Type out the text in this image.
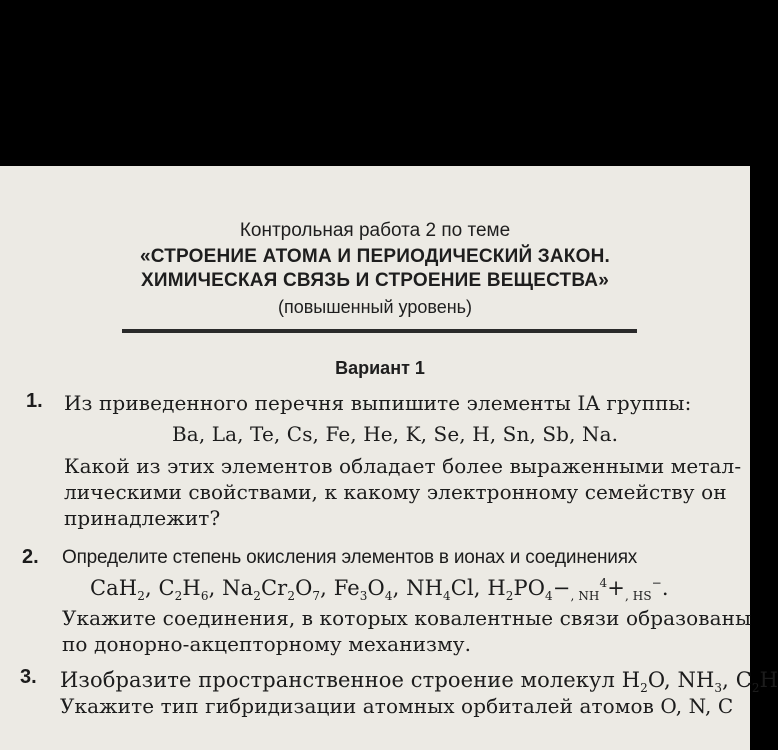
Контрольная работа 2 по теме
«СТРОЕНИЕ АТОМА И ПЕРИОДИЧЕСКИЙ ЗАКОН.
ХИМИЧЕСКАЯ СВЯЗЬ И СТРОЕНИЕ ВЕЩЕСТВА»
(повышенный уровень)
Вариант 1
1. Из приведенного перечня выпишите элементы IA группы:
Ba, La, Te, Cs, Fe, He, K, Se, H, Sn, Sb, Na.
Какой из этих элементов обладает более выраженными метал-
лическими свойствами, к какому электронному семейству он
принадлежит?
2. Определите степень окисления элементов в ионах и соединениях
CaH$_2$, $C_2H_6$, $Na_2Cr_2O_7$, $Fe_3O_4$, $NH_4Cl$, $H_2PO_4-_{, NH}^4+_{, HS}^-$.
Укажите соединения, в которых ковалентные связи образованы
по донорно-акцепторному механизму.
3. Изобразите пространственное строение молекул $H_2O$, $NH_3$, $C_2H$
Укажите тип гибридизации атомных орбиталей атомов O, N, C
